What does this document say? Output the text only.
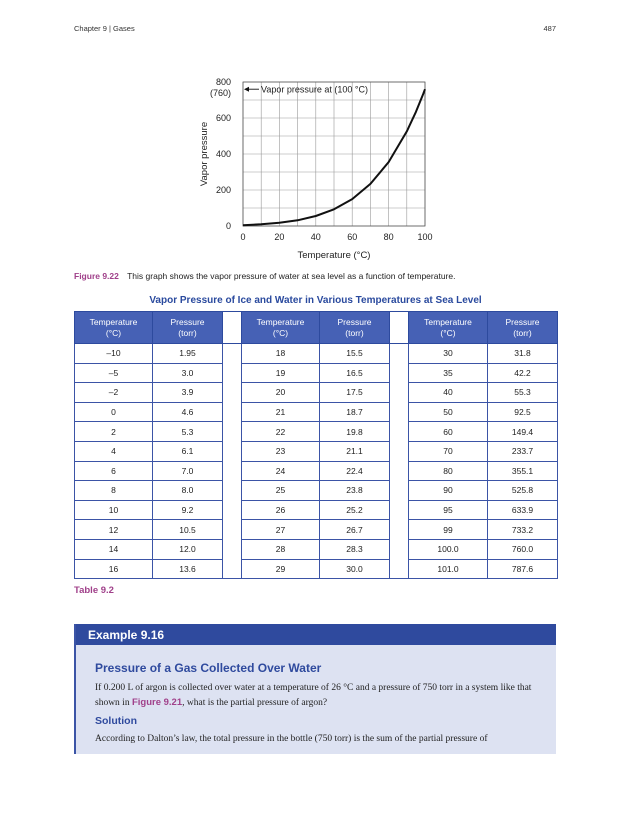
Chapter 9 | Gases	487
0	20	40	60	80	100
0
200
400
600
800
(760)
Temperature (°C)
Vapor pressure
Vapor pressure at (100 °C)
Figure 9.22 This graph shows the vapor pressure of water at sea level as a function of temperature.
Vapor Pressure of Ice and Water in Various Temperatures at Sea Level
Temperature
(°C)	Pressure
(torr)		Temperature
(°C)	Pressure
(torr)		Temperature
(°C)	Pressure
(torr)

–10	1.95		18	15.5		30	31.8
–5	3.0		19	16.5		35	42.2
–2	3.9		20	17.5		40	55.3
0	4.6		21	18.7		50	92.5
2	5.3		22	19.8		60	149.4
4	6.1		23	21.1		70	233.7
6	7.0		24	22.4		80	355.1
8	8.0		25	23.8		90	525.8
10	9.2		26	25.2		95	633.9
12	10.5		27	26.7		99	733.2
14	12.0		28	28.3		100.0	760.0
16	13.6		29	30.0		101.0	787.6
Table 9.2
Example 9.16
Pressure of a Gas Collected Over Water
If 0.200 L of argon is collected over water at a temperature of 26 °C and a pressure of 750 torr in a system like that shown in Figure 9.21, what is the partial pressure of argon?
Solution
According to Dalton’s law, the total pressure in the bottle (750 torr) is the sum of the partial pressure of
